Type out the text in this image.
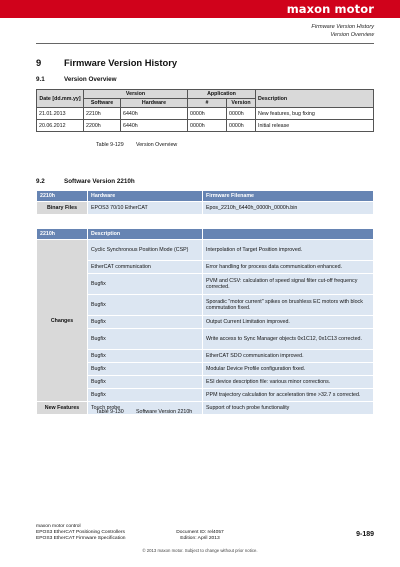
maxon motor
Firmware Version History
Version Overview
9 Firmware Version History
9.1	Version Overview
Date [dd.mm.yy]	Version		Application		Description
	Software	Hardware	#	Version	
21.01.2013	2210h	6440h	0000h	0000h	New features, bug fixing
20.06.2012	2200h	6440h	0000h	0000h	Initial release
Table 9-129 Version Overview
9.2	Software Version 2210h
2210h	Hardware	Firmware Filename
Binary Files	EPOS3 70/10 EtherCAT	Epos_2210h_6440h_0000h_0000h.bin
2210h	Description	
Changes	Cyclic Synchronous Position Mode (CSP)	Interpolation of Target Position improved.
	EtherCAT communication	Error handling for process data communication enhanced.
	Bugfix	PVM and CSV: calculation of speed signal filter cut-off frequency corrected.
	Bugfix	Sporadic "motor current" spikes on brushless EC motors with block commutation fixed.
	Bugfix	Output Current Limitation improved.
	Bugfix	Write access to Sync Manager objects 0x1C12, 0x1C13 corrected.
	Bugfix	EtherCAT SDO communication improved.
	Bugfix	Modular Device Profile configuration fixed.
	Bugfix	ESI device description file: various minor corrections.
	Bugfix	PPM trajectory calculation for acceleration time >32.7 s corrected.
New Features	Touch probe	Support of touch probe functionality
Table 9-130 Software Version 2210h
maxon motor control
EPOS3 EtherCAT Positioning Controllers
EPOS3 EtherCAT Firmware Specification
Document ID: rel4057
Edition: April 2013
9-189
© 2013 maxon motor. Subject to change without prior notice.
